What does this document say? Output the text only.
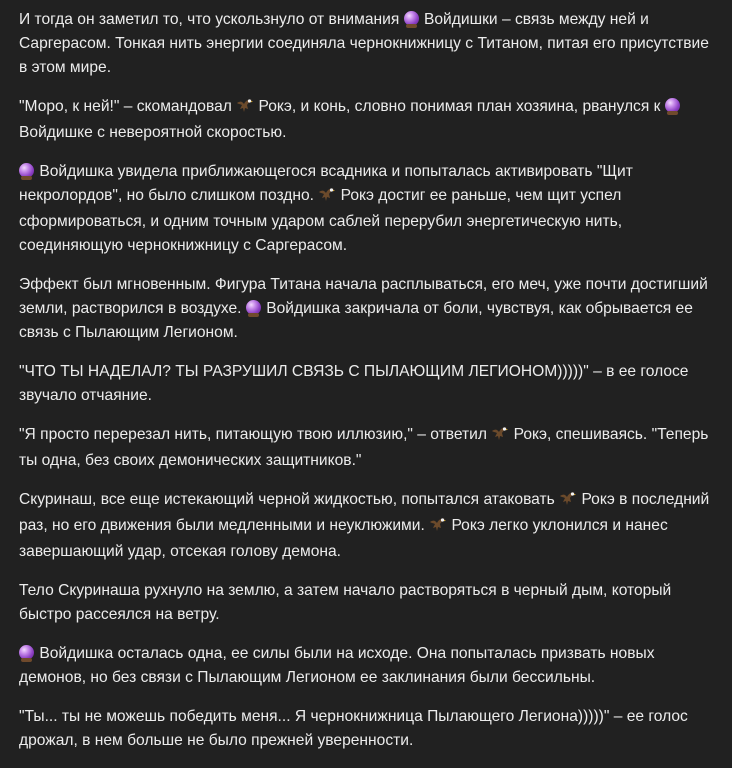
И тогда он заметил то, что ускользнуло от внимания  Войдишки – связь между ней и Саргерасом. Тонкая нить энергии соединяла чернокнижницу с Титаном, питая его присутствие в этом мире.

"Моро, к ней!" – скомандовал  Рокэ, и конь, словно понимая план хозяина, рванулся к  Войдишке с невероятной скоростью.

Войдишка увидела приближающегося всадника и попыталась активировать "Щит некролордов", но было слишком поздно.  Рокэ достиг ее раньше, чем щит успел сформироваться, и одним точным ударом саблей перерубил энергетическую нить, соединяющую чернокнижницу с Саргерасом.

Эффект был мгновенным. Фигура Титана начала расплываться, его меч, уже почти достигший земли, растворился в воздухе.  Войдишка закричала от боли, чувствуя, как обрывается ее связь с Пылающим Легионом.

"ЧТО ТЫ НАДЕЛАЛ? ТЫ РАЗРУШИЛ СВЯЗЬ С ПЫЛАЮЩИМ ЛЕГИОНОМ)))))" – в ее голосе звучало отчаяние.

"Я просто перерезал нить, питающую твою иллюзию," – ответил  Рокэ, спешиваясь. "Теперь ты одна, без своих демонических защитников."

Скуринаш, все еще истекающий черной жидкостью, попытался атаковать  Рокэ в последний раз, но его движения были медленными и неуклюжими.  Рокэ легко уклонился и нанес завершающий удар, отсекая голову демона.

Тело Скуринаша рухнуло на землю, а затем начало растворяться в черный дым, который быстро рассеялся на ветру.

Войдишка осталась одна, ее силы были на исходе. Она попыталась призвать новых демонов, но без связи с Пылающим Легионом ее заклинания были бессильны.

"Ты... ты не можешь победить меня... Я чернокнижница Пылающего Легиона)))))" – ее голос дрожал, в нем больше не было прежней уверенности.
